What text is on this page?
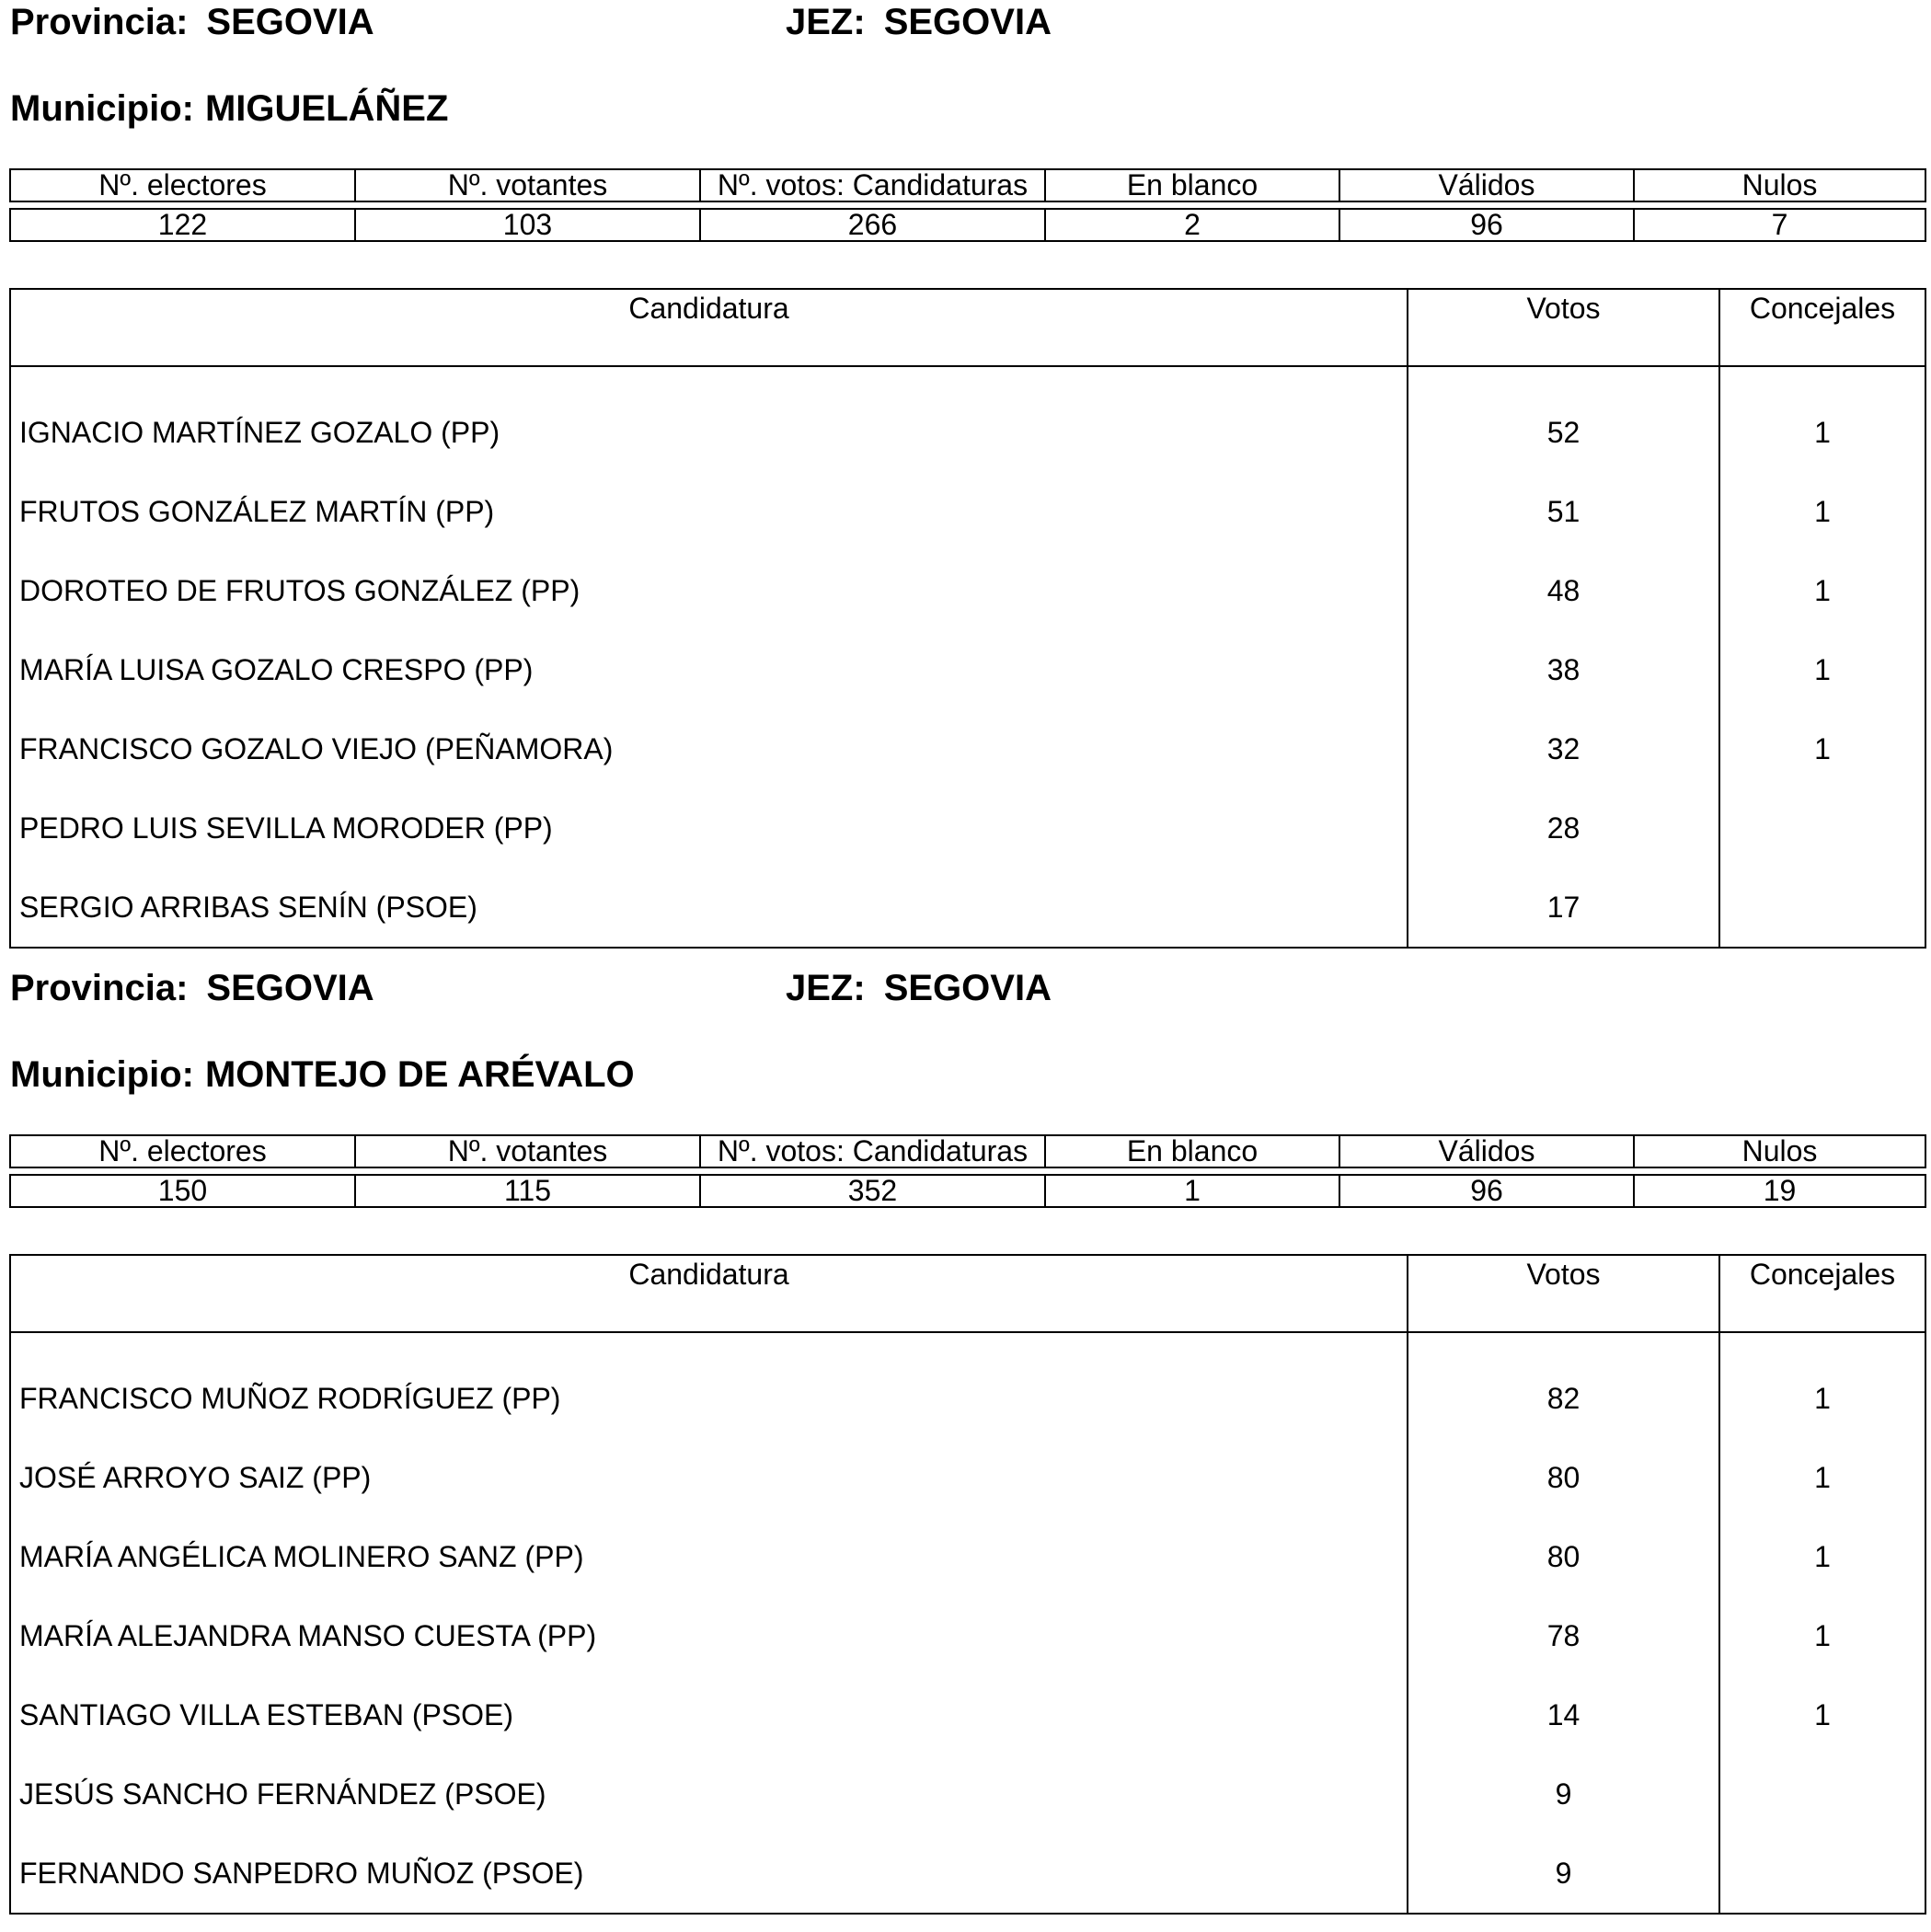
Provincia: SEGOVIA	JEZ: SEGOVIA
Municipio: MIGUELÁÑEZ
Nº. electores	Nº. votantes	Nº. votos: Candidaturas	En blanco	Válidos	Nulos

122	103	266	2	96	7
Candidatura	Votos	Concejales
IGNACIO MARTÍNEZ GOZALO (PP)	52	1
FRUTOS GONZÁLEZ MARTÍN (PP)	51	1
DOROTEO DE FRUTOS GONZÁLEZ (PP)	48	1
MARÍA LUISA GOZALO CRESPO (PP)	38	1
FRANCISCO GOZALO VIEJO (PEÑAMORA)	32	1
PEDRO LUIS SEVILLA MORODER (PP)	28	
SERGIO ARRIBAS SENÍN (PSOE)	17	
Provincia: SEGOVIA	JEZ: SEGOVIA
Municipio: MONTEJO DE ARÉVALO
Nº. electores	Nº. votantes	Nº. votos: Candidaturas	En blanco	Válidos	Nulos

150	115	352	1	96	19
Candidatura	Votos	Concejales
FRANCISCO MUÑOZ RODRÍGUEZ (PP)	82	1
JOSÉ ARROYO SAIZ (PP)	80	1
MARÍA ANGÉLICA MOLINERO SANZ (PP)	80	1
MARÍA ALEJANDRA MANSO CUESTA (PP)	78	1
SANTIAGO VILLA ESTEBAN (PSOE)	14	1
JESÚS SANCHO FERNÁNDEZ (PSOE)	9	
FERNANDO SANPEDRO MUÑOZ (PSOE)	9	
